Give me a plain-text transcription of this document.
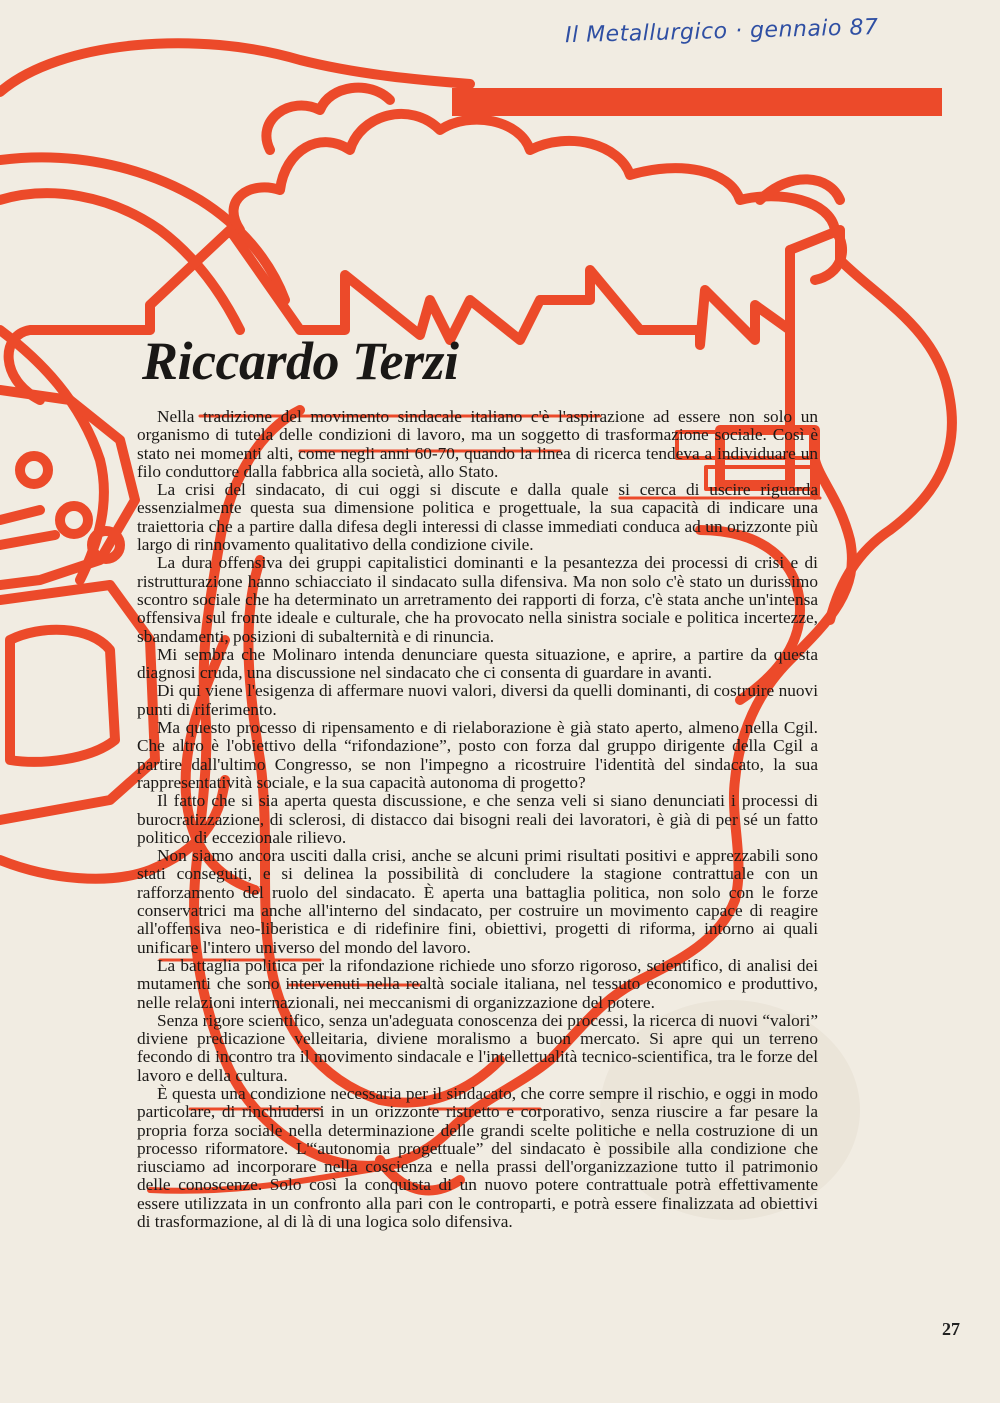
Il Metallurgico · gennaio 87
Riccardo Terzi

Nella tradizione del movimento sindacale italiano c'è l'aspirazione ad essere non solo un organismo di tutela delle condizioni di lavoro, ma un soggetto di trasformazione sociale. Così è stato nei momenti alti, come negli anni 60-70, quando la linea di ricerca tendeva a individuare un filo conduttore dalla fabbrica alla società, allo Stato.

La crisi del sindacato, di cui oggi si discute e dalla quale si cerca di uscire riguarda essenzialmente questa sua dimensione politica e progettuale, la sua capacità di indicare una traiettoria che a partire dalla difesa degli interessi di classe immediati conduca ad un orizzonte più largo di rinnovamento qualitativo della condizione civile.

La dura offensiva dei gruppi capitalistici dominanti e la pesantezza dei processi di crisi e di ristrutturazione hanno schiacciato il sindacato sulla difensiva. Ma non solo c'è stato un durissimo scontro sociale che ha determinato un arretramento dei rapporti di forza, c'è stata anche un'intensa offensiva sul fronte ideale e culturale, che ha provocato nella sinistra sociale e politica incertezze, sbandamenti, posizioni di subalternità e di rinuncia.

Mi sembra che Molinaro intenda denunciare questa situazione, e aprire, a partire da questa diagnosi cruda, una discussione nel sindacato che ci consenta di guardare in avanti.

Di qui viene l'esigenza di affermare nuovi valori, diversi da quelli dominanti, di costruire nuovi punti di riferimento.

Ma questo processo di ripensamento e di rielaborazione è già stato aperto, almeno nella Cgil. Che altro è l'obiettivo della “rifondazione”, posto con forza dal gruppo dirigente della Cgil a partire dall'ultimo Congresso, se non l'impegno a ricostruire l'identità del sindacato, la sua rappresentatività sociale, e la sua capacità autonoma di progetto?

Il fatto che si sia aperta questa discussione, e che senza veli si siano denunciati i processi di burocratizzazione, di sclerosi, di distacco dai bisogni reali dei lavoratori, è già di per sé un fatto politico di eccezionale rilievo.

Non siamo ancora usciti dalla crisi, anche se alcuni primi risultati positivi e apprezzabili sono stati conseguiti, e si delinea la possibilità di concludere la stagione contrattuale con un rafforzamento del ruolo del sindacato. È aperta una battaglia politica, non solo con le forze conservatrici ma anche all'interno del sindacato, per costruire un movimento capace di reagire all'offensiva neo-liberistica e di ridefinire fini, obiettivi, progetti di riforma, intorno ai quali unificare l'intero universo del mondo del lavoro.

La battaglia politica per la rifondazione richiede uno sforzo rigoroso, scientifico, di analisi dei mutamenti che sono intervenuti nella realtà sociale italiana, nel tessuto economico e produttivo, nelle relazioni internazionali, nei meccanismi di organizzazione del potere.

Senza rigore scientifico, senza un'adeguata conoscenza dei processi, la ricerca di nuovi “valori” diviene predicazione velleitaria, diviene moralismo a buon mercato. Si apre qui un terreno fecondo di incontro tra il movimento sindacale e l'intellettualità tecnico-scientifica, tra le forze del lavoro e della cultura.

È questa una condizione necessaria per il sindacato, che corre sempre il rischio, e oggi in modo particolare, di rinchiudersi in un orizzonte ristretto e corporativo, senza riuscire a far pesare la propria forza sociale nella determinazione delle grandi scelte politiche e nella costruzione di un processo riformatore. L'“autonomia progettuale” del sindacato è possibile alla condizione che riusciamo ad incorporare nella coscienza e nella prassi dell'organizzazione tutto il patrimonio delle conoscenze. Solo così la conquista di un nuovo potere contrattuale potrà effettivamente essere utilizzata in un confronto alla pari con le controparti, e potrà essere finalizzata ad obiettivi di trasformazione, al di là di una logica solo difensiva.

27
